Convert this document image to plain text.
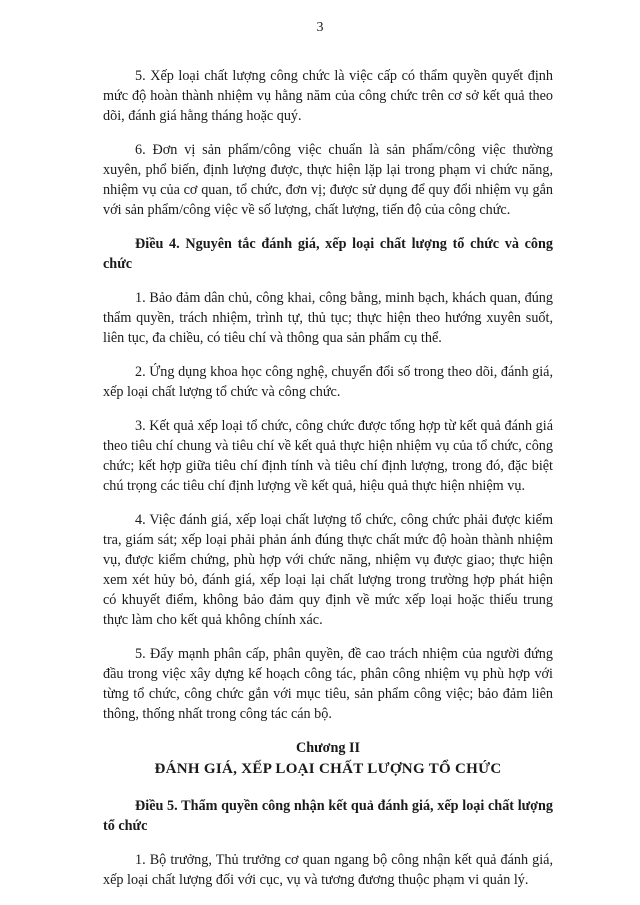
3

5. Xếp loại chất lượng công chức là việc cấp có thẩm quyền quyết định mức độ hoàn thành nhiệm vụ hằng năm của công chức trên cơ sở kết quả theo dõi, đánh giá hằng tháng hoặc quý.

6. Đơn vị sản phẩm/công việc chuẩn là sản phẩm/công việc thường xuyên, phổ biến, định lượng được, thực hiện lặp lại trong phạm vi chức năng, nhiệm vụ của cơ quan, tổ chức, đơn vị; được sử dụng để quy đổi nhiệm vụ gắn với sản phẩm/công việc về số lượng, chất lượng, tiến độ của công chức.

Điều 4. Nguyên tắc đánh giá, xếp loại chất lượng tổ chức và công chức

1. Bảo đảm dân chủ, công khai, công bằng, minh bạch, khách quan, đúng thẩm quyền, trách nhiệm, trình tự, thủ tục; thực hiện theo hướng xuyên suốt, liên tục, đa chiều, có tiêu chí và thông qua sản phẩm cụ thể.

2. Ứng dụng khoa học công nghệ, chuyển đổi số trong theo dõi, đánh giá, xếp loại chất lượng tổ chức và công chức.

3. Kết quả xếp loại tổ chức, công chức được tổng hợp từ kết quả đánh giá theo tiêu chí chung và tiêu chí về kết quả thực hiện nhiệm vụ của tổ chức, công chức; kết hợp giữa tiêu chí định tính và tiêu chí định lượng, trong đó, đặc biệt chú trọng các tiêu chí định lượng về kết quả, hiệu quả thực hiện nhiệm vụ.

4. Việc đánh giá, xếp loại chất lượng tổ chức, công chức phải được kiểm tra, giám sát; xếp loại phải phản ánh đúng thực chất mức độ hoàn thành nhiệm vụ, được kiểm chứng, phù hợp với chức năng, nhiệm vụ được giao; thực hiện xem xét hủy bỏ, đánh giá, xếp loại lại chất lượng trong trường hợp phát hiện có khuyết điểm, không bảo đảm quy định về mức xếp loại hoặc thiếu trung thực làm cho kết quả không chính xác.

5. Đẩy mạnh phân cấp, phân quyền, đề cao trách nhiệm của người đứng đầu trong việc xây dựng kế hoạch công tác, phân công nhiệm vụ phù hợp với từng tổ chức, công chức gắn với mục tiêu, sản phẩm công việc; bảo đảm liên thông, thống nhất trong công tác cán bộ.

Chương II
ĐÁNH GIÁ, XẾP LOẠI CHẤT LƯỢNG TỔ CHỨC

Điều 5. Thẩm quyền công nhận kết quả đánh giá, xếp loại chất lượng tổ chức

1. Bộ trưởng, Thủ trưởng cơ quan ngang bộ công nhận kết quả đánh giá, xếp loại chất lượng đối với cục, vụ và tương đương thuộc phạm vi quản lý.
